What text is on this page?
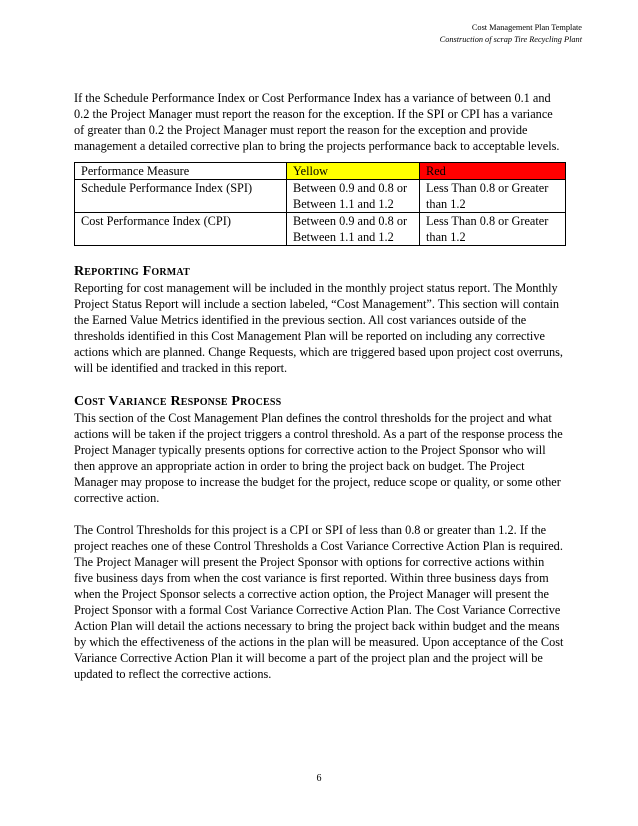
Cost Management Plan Template
Construction of scrap Tire Recycling Plant

If the Schedule Performance Index or Cost Performance Index has a variance of between 0.1 and 0.2 the Project Manager must report the reason for the exception. If the SPI or CPI has a variance of greater than 0.2 the Project Manager must report the reason for the exception and provide management a detailed corrective plan to bring the projects performance back to acceptable levels.

Performance Measure	Yellow	Red
Schedule Performance Index (SPI)	Between 0.9 and 0.8 or Between 1.1 and 1.2	Less Than 0.8 or Greater than 1.2
Cost Performance Index (CPI)	Between 0.9 and 0.8 or Between 1.1 and 1.2	Less Than 0.8 or Greater than 1.2
Reporting Format

Reporting for cost management will be included in the monthly project status report. The Monthly Project Status Report will include a section labeled, “Cost Management”. This section will contain the Earned Value Metrics identified in the previous section. All cost variances outside of the thresholds identified in this Cost Management Plan will be reported on including any corrective actions which are planned. Change Requests, which are triggered based upon project cost overruns, will be identified and tracked in this report.

Cost Variance Response Process

This section of the Cost Management Plan defines the control thresholds for the project and what actions will be taken if the project triggers a control threshold. As a part of the response process the Project Manager typically presents options for corrective action to the Project Sponsor who will then approve an appropriate action in order to bring the project back on budget. The Project Manager may propose to increase the budget for the project, reduce scope or quality, or some other corrective action.

The Control Thresholds for this project is a CPI or SPI of less than 0.8 or greater than 1.2. If the project reaches one of these Control Thresholds a Cost Variance Corrective Action Plan is required. The Project Manager will present the Project Sponsor with options for corrective actions within five business days from when the cost variance is first reported. Within three business days from when the Project Sponsor selects a corrective action option, the Project Manager will present the Project Sponsor with a formal Cost Variance Corrective Action Plan. The Cost Variance Corrective Action Plan will detail the actions necessary to bring the project back within budget and the means by which the effectiveness of the actions in the plan will be measured. Upon acceptance of the Cost Variance Corrective Action Plan it will become a part of the project plan and the project will be updated to reflect the corrective actions.

6
